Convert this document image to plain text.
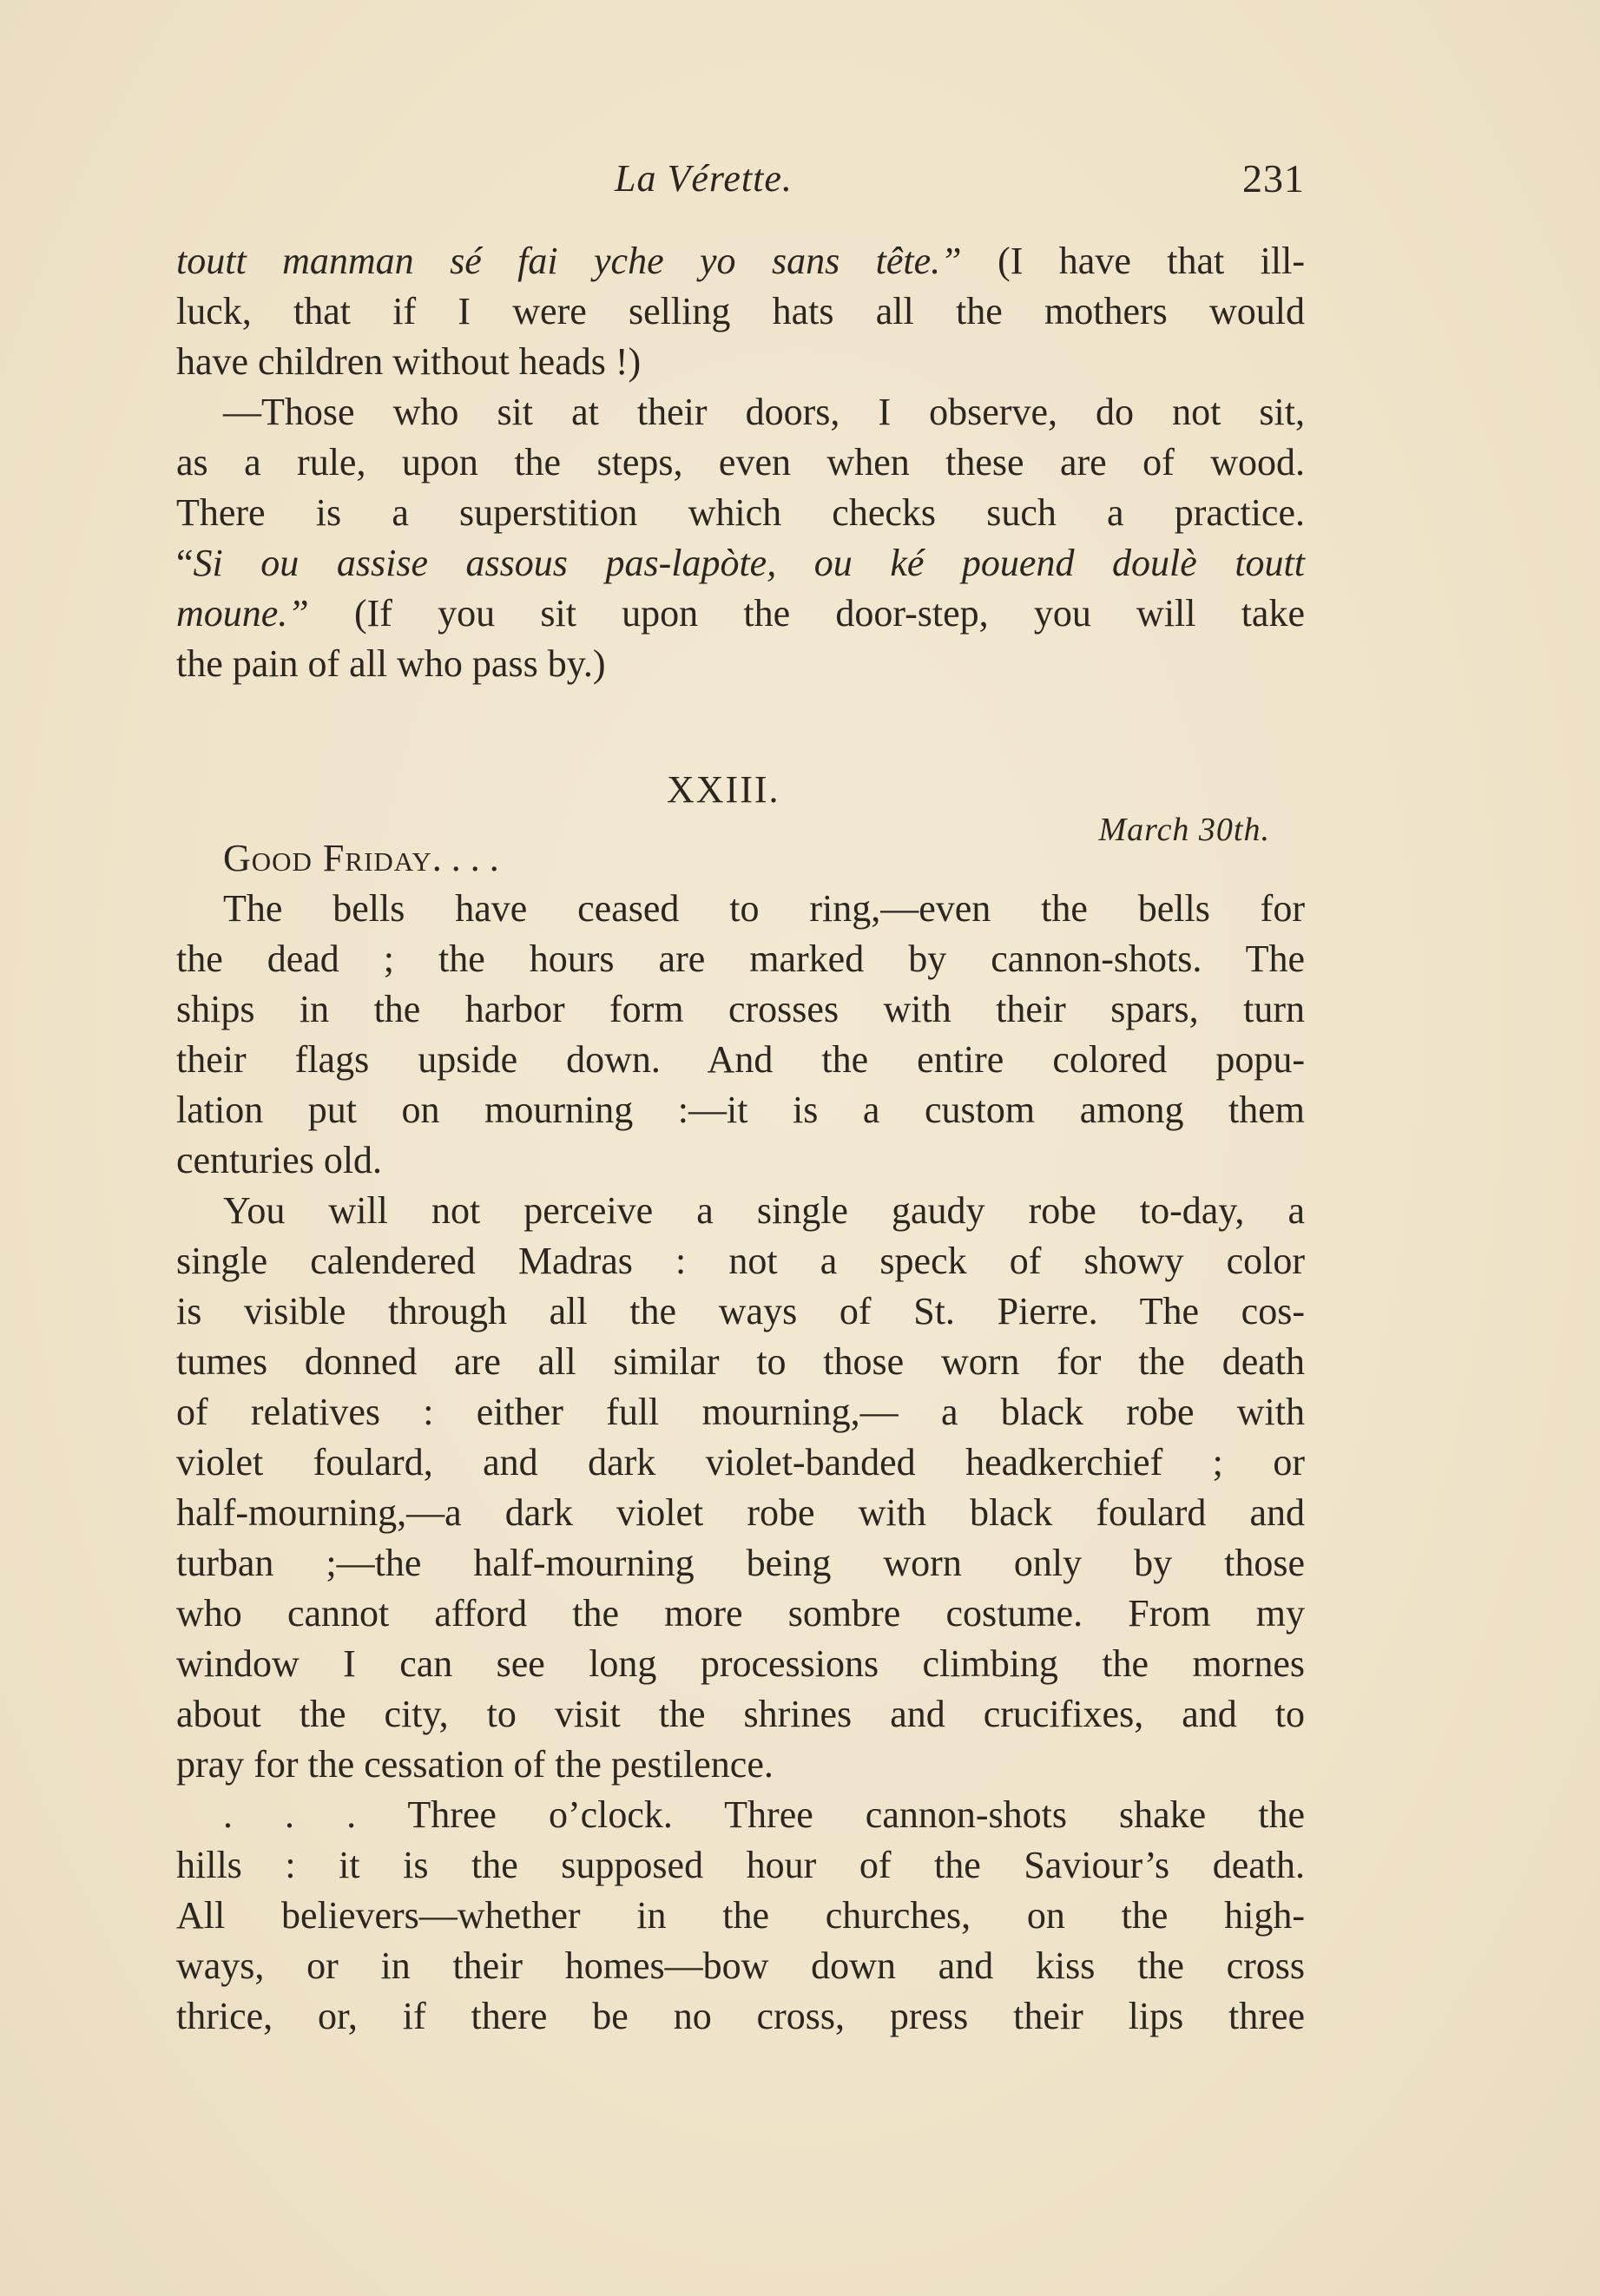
La Vérette.	231
toutt manman sé fai yche yo sans tête.” (I have that ill-
luck, that if I were selling hats all the mothers would
have children without heads !)
—Those who sit at their doors, I observe, do not sit,
as a rule, upon the steps, even when these are of wood.
There is a superstition which checks such a practice.
“Si ou assise assous pas-lapòte, ou ké pouend doulè toutt
moune.” (If you sit upon the door-step, you will take
the pain of all who pass by.)
Good Friday. . . .
The bells have ceased to ring,—even the bells for
the dead ; the hours are marked by cannon-shots. The
ships in the harbor form crosses with their spars, turn
their flags upside down. And the entire colored popu-
lation put on mourning :—it is a custom among them
centuries old.
You will not perceive a single gaudy robe to-day, a
single calendered Madras : not a speck of showy color
is visible through all the ways of St. Pierre. The cos-
tumes donned are all similar to those worn for the death
of relatives : either full mourning,— a black robe with
violet foulard, and dark violet-banded headkerchief ; or
half-mourning,—a dark violet robe with black foulard and
turban ;—the half-mourning being worn only by those
who cannot afford the more sombre costume. From my
window I can see long processions climbing the mornes
about the city, to visit the shrines and crucifixes, and to
pray for the cessation of the pestilence.
. . . Three o’clock. Three cannon-shots shake the
hills : it is the supposed hour of the Saviour’s death.
All believers—whether in the churches, on the high-
ways, or in their homes—bow down and kiss the cross
thrice, or, if there be no cross, press their lips three
XXIII.
March 30th.
